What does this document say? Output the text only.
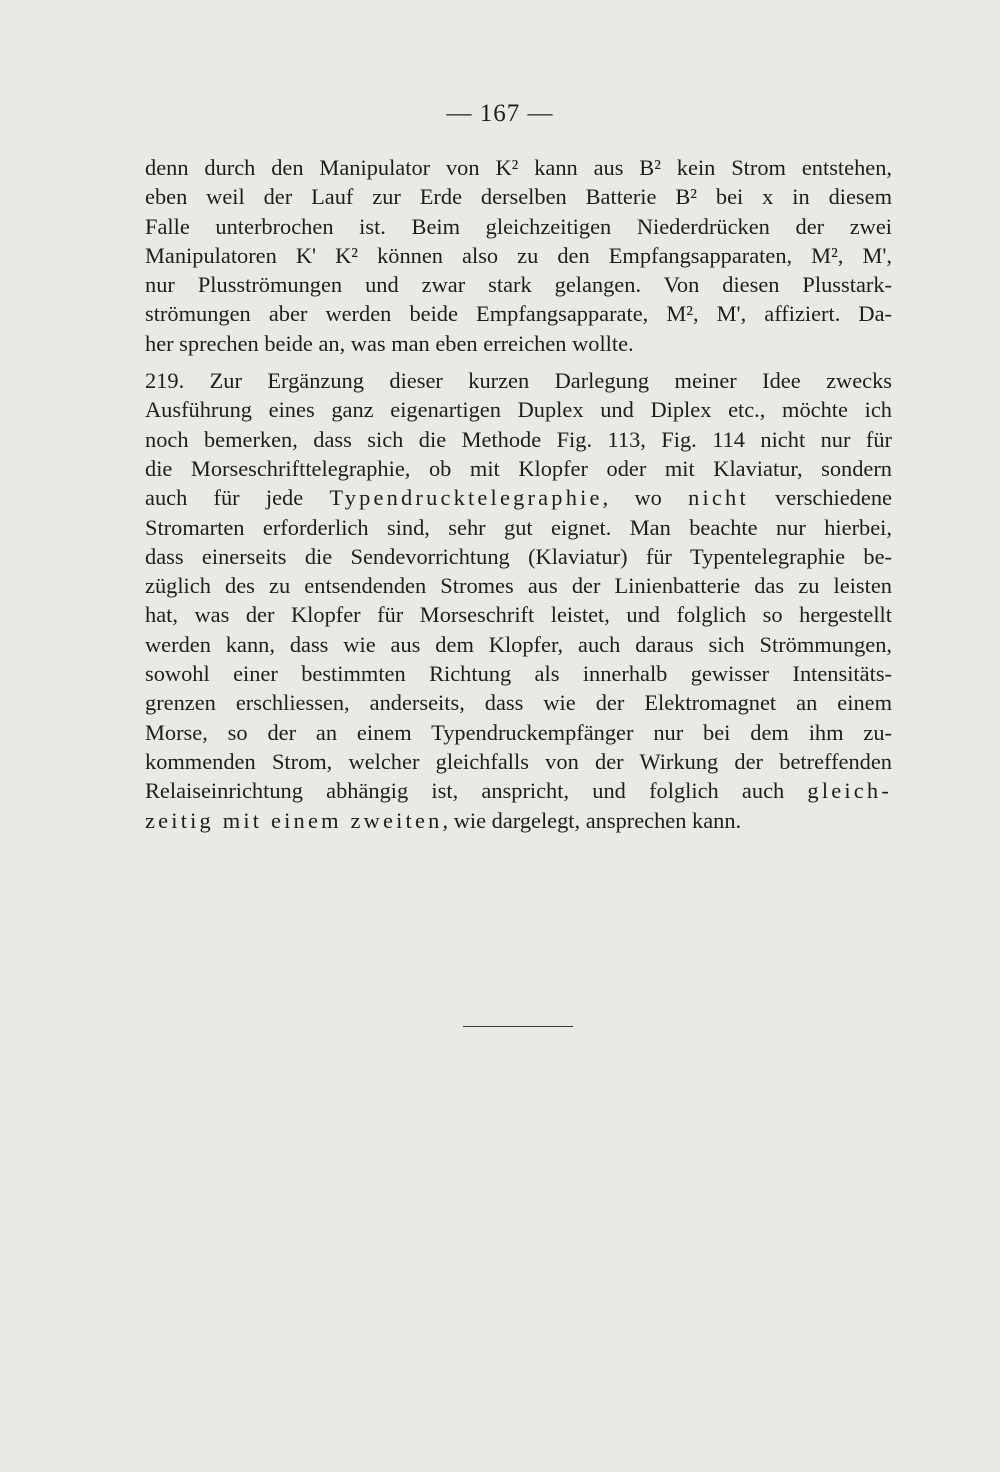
— 167 —
denn durch den Manipulator von K² kann aus B² kein Strom entstehen,
eben weil der Lauf zur Erde derselben Batterie B² bei x in diesem
Falle unterbrochen ist. Beim gleichzeitigen Niederdrücken der zwei
Manipulatoren K' K² können also zu den Empfangsapparaten, M², M',
nur Plusströmungen und zwar stark gelangen. Von diesen Plusstark-
strömungen aber werden beide Empfangsapparate, M², M', affiziert. Da-
her sprechen beide an, was man eben erreichen wollte.
219. Zur Ergänzung dieser kurzen Darlegung meiner Idee zwecks
Ausführung eines ganz eigenartigen Duplex und Diplex etc., möchte ich
noch bemerken, dass sich die Methode Fig. 113, Fig. 114 nicht nur für
die Morseschrifttelegraphie, ob mit Klopfer oder mit Klaviatur, sondern
auch für jede Typendrucktelegraphie, wo nicht verschiedene
Stromarten erforderlich sind, sehr gut eignet. Man beachte nur hierbei,
dass einerseits die Sendevorrichtung (Klaviatur) für Typentelegraphie be-
züglich des zu entsendenden Stromes aus der Linienbatterie das zu leisten
hat, was der Klopfer für Morseschrift leistet, und folglich so hergestellt
werden kann, dass wie aus dem Klopfer, auch daraus sich Strömmungen,
sowohl einer bestimmten Richtung als innerhalb gewisser Intensitäts-
grenzen erschliessen, anderseits, dass wie der Elektromagnet an einem
Morse, so der an einem Typendruckempfänger nur bei dem ihm zu-
kommenden Strom, welcher gleichfalls von der Wirkung der betreffenden
Relaiseinrichtung abhängig ist, anspricht, und folglich auch gleich-
zeitig mit einem zweiten, wie dargelegt, ansprechen kann.
